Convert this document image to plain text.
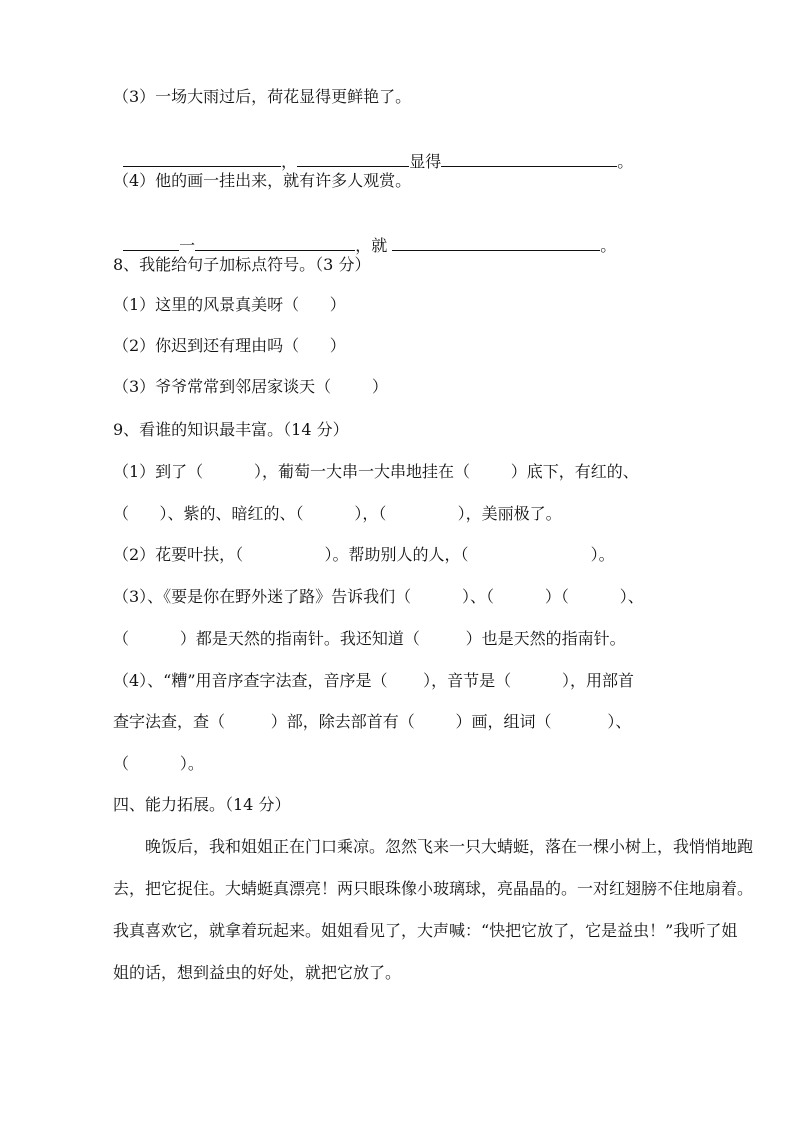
（3）一场大雨过后，荷花显得更鲜艳了。

，	显得	。

（4）他的画一挂出来，就有许多人观赏。

一	，就	。

8、我能给句子加标点符号。（3 分）
（1）这里的风景真美呀（      ）
（2）你迟到还有理由吗（      ）
（3）爷爷常常到邻居家谈天（        ）
9、看谁的知识最丰富。（14 分）
（1）到了（          ），葡萄一大串一大串地挂在（        ）底下，有红的、
（      ）、紫的、暗红的、（          ），（              ），美丽极了。
（2）花要叶扶，（                ）。帮助别人的人，（                        ）。
（3）、《要是你在野外迷了路》告诉我们（          ）、（          ）（          ）、
（          ）都是天然的指南针。我还知道（         ）也是天然的指南针。
（4）、“糟”用音序查字法查，音序是（       ），音节是（          ），用部首
查字法查，查（         ）部，除去部首有（        ）画，组词（           ）、
（          ）。
四、能力拓展。（14 分）
晚饭后，我和姐姐正在门口乘凉。忽然飞来一只大蜻蜓，落在一棵小树上，我悄悄地跑去，把它捉住。大蜻蜓真漂亮！两只眼珠像小玻璃球，亮晶晶的。一对红翅膀不住地扇着。我真喜欢它，就拿着玩起来。姐姐看见了，大声喊：“快把它放了，它是益虫！”我听了姐姐的话，想到益虫的好处，就把它放了。
